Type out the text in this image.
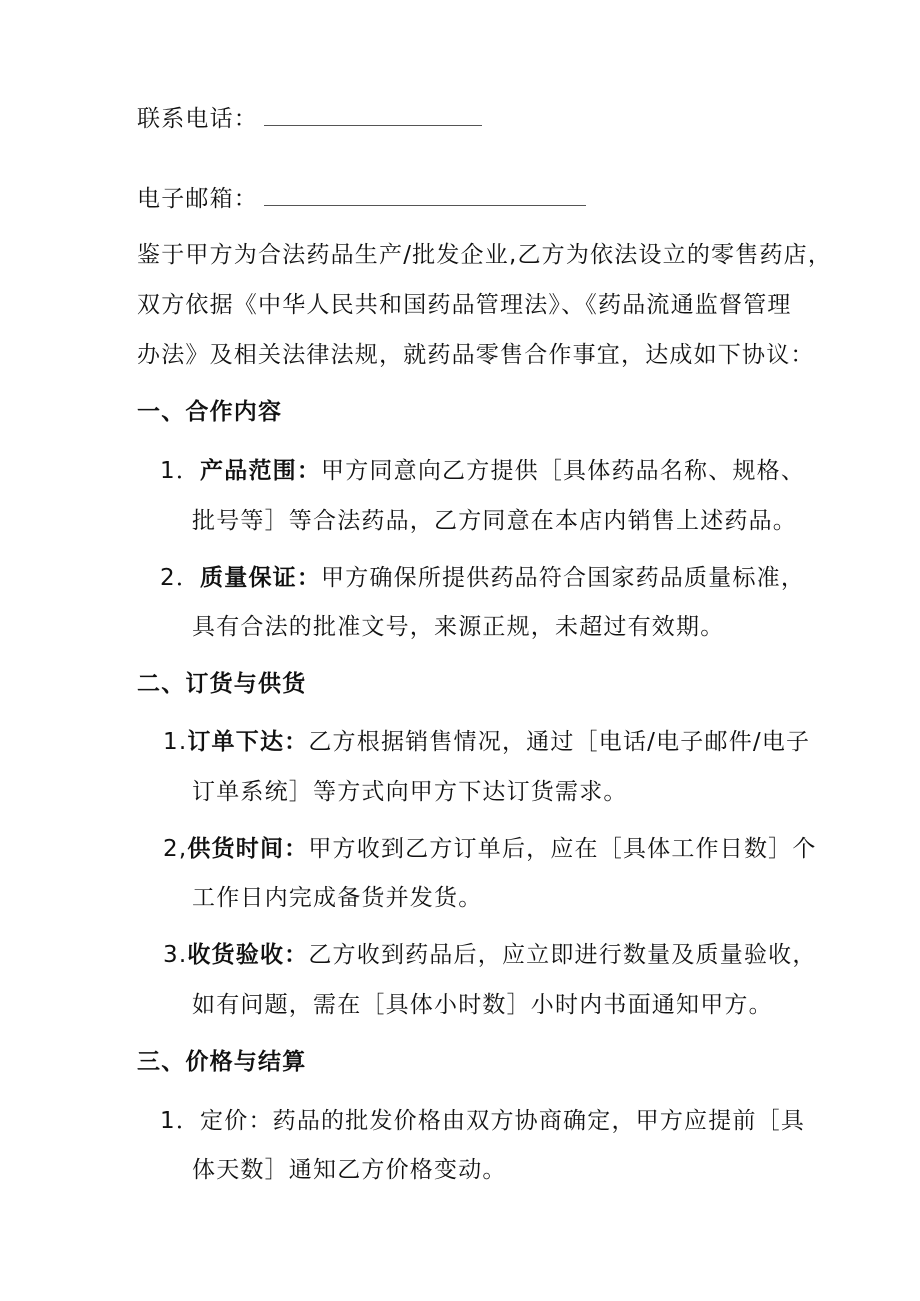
联系电话：
电子邮箱：
鉴于甲方为合法药品生产/批发企业,乙方为依法设立的零售药店，
双方依据《中华人民共和国药品管理法》、《药品流通监督管理
办法》及相关法律法规，就药品零售合作事宜，达成如下协议：
一、合作内容
1．产品范围：甲方同意向乙方提供［具体药品名称、规格、
批号等］等合法药品，乙方同意在本店内销售上述药品。
2．质量保证：甲方确保所提供药品符合国家药品质量标准，
具有合法的批准文号，来源正规，未超过有效期。
二、订货与供货
1.订单下达：乙方根据销售情况，通过［电话/电子邮件/电子
订单系统］等方式向甲方下达订货需求。
2,供货时间：甲方收到乙方订单后，应在［具体工作日数］个
工作日内完成备货并发货。
3.收货验收：乙方收到药品后，应立即进行数量及质量验收，
如有问题，需在［具体小时数］小时内书面通知甲方。
三、价格与结算
1．定价：药品的批发价格由双方协商确定，甲方应提前［具
体天数］通知乙方价格变动。
